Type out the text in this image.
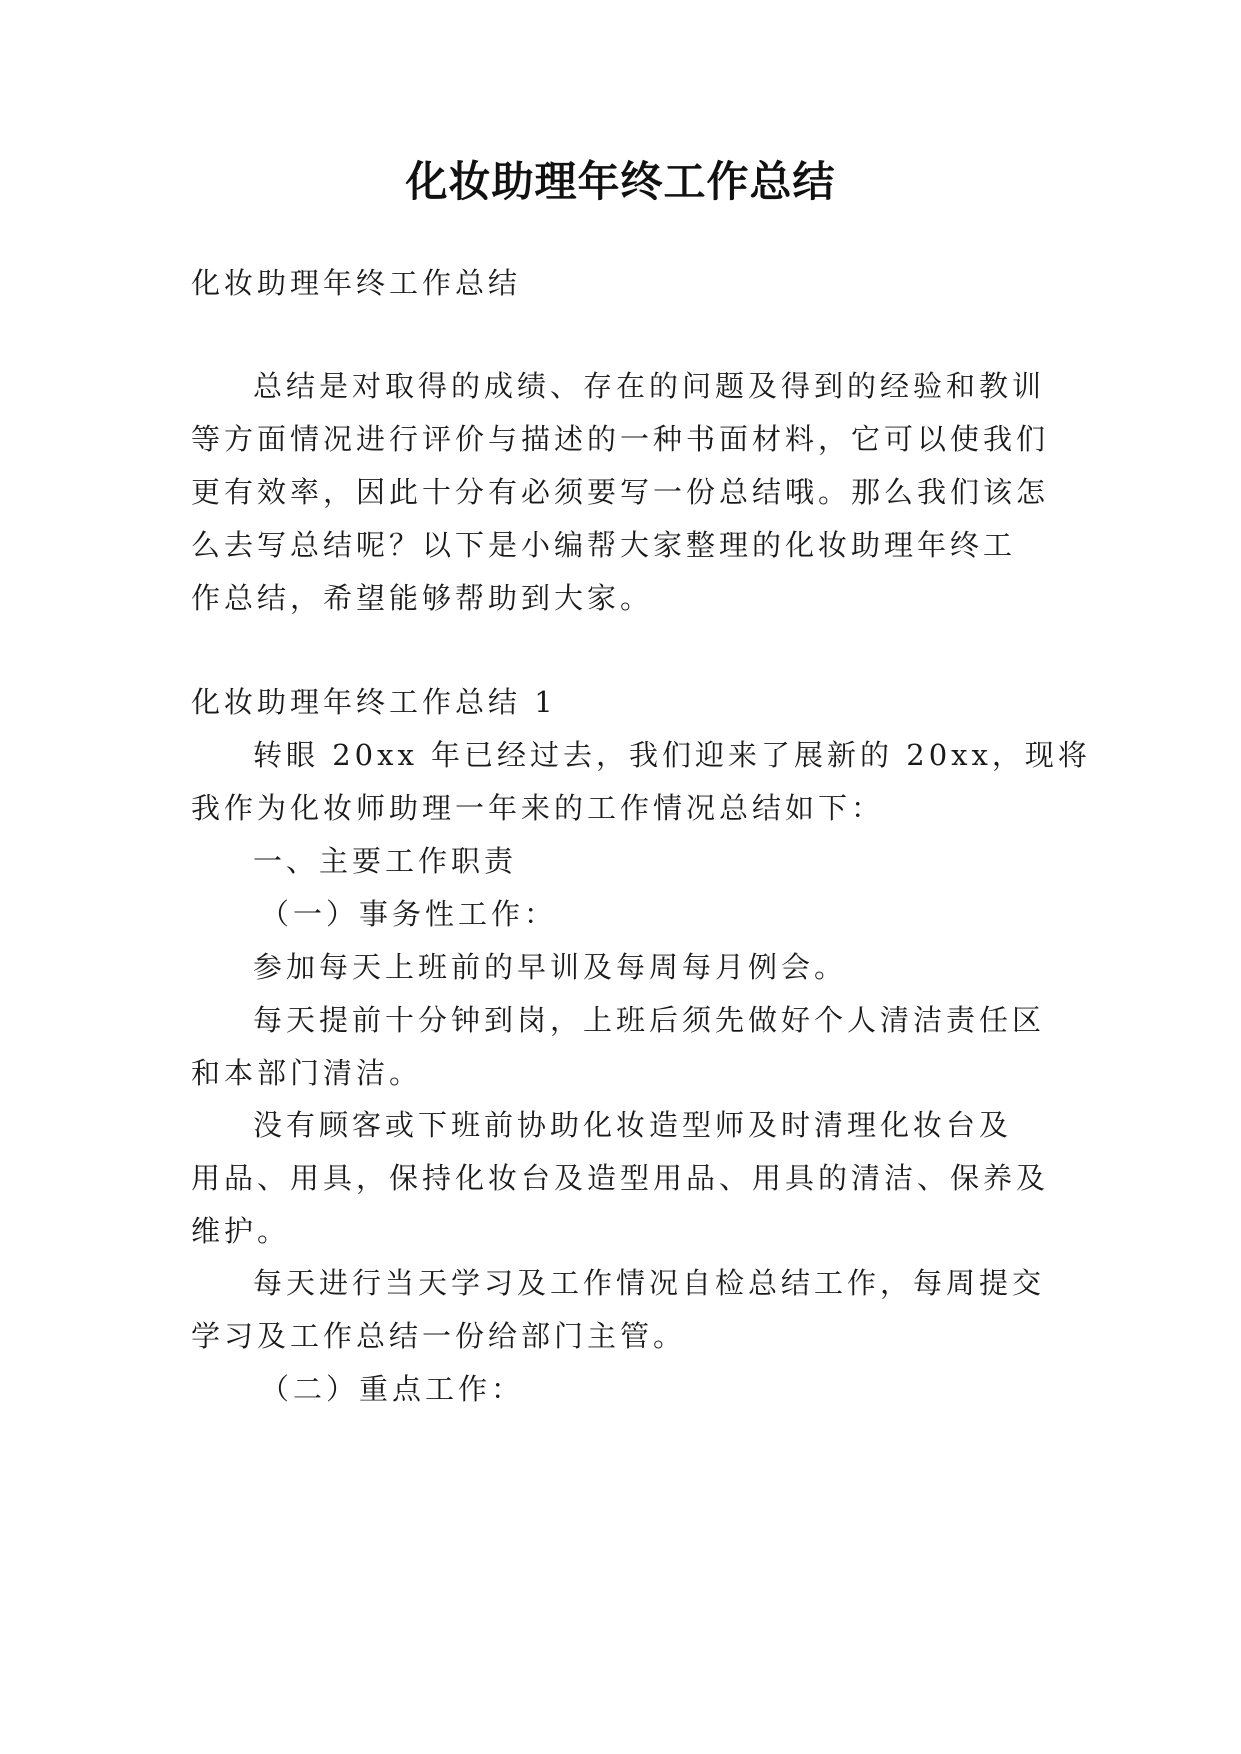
化妆助理年终工作总结

化妆助理年终工作总结

总结是对取得的成绩、存在的问题及得到的经验和教训

等方面情况进行评价与描述的一种书面材料，它可以使我们

更有效率，因此十分有必须要写一份总结哦。那么我们该怎

么去写总结呢？以下是小编帮大家整理的化妆助理年终工

作总结，希望能够帮助到大家。

化妆助理年终工作总结 1

转眼 20xx 年已经过去，我们迎来了展新的 20xx，现将

我作为化妆师助理一年来的工作情况总结如下：

一、主要工作职责

（一）事务性工作：

参加每天上班前的早训及每周每月例会。

每天提前十分钟到岗，上班后须先做好个人清洁责任区

和本部门清洁。

没有顾客或下班前协助化妆造型师及时清理化妆台及

用品、用具，保持化妆台及造型用品、用具的清洁、保养及

维护。

每天进行当天学习及工作情况自检总结工作，每周提交

学习及工作总结一份给部门主管。

（二）重点工作：
